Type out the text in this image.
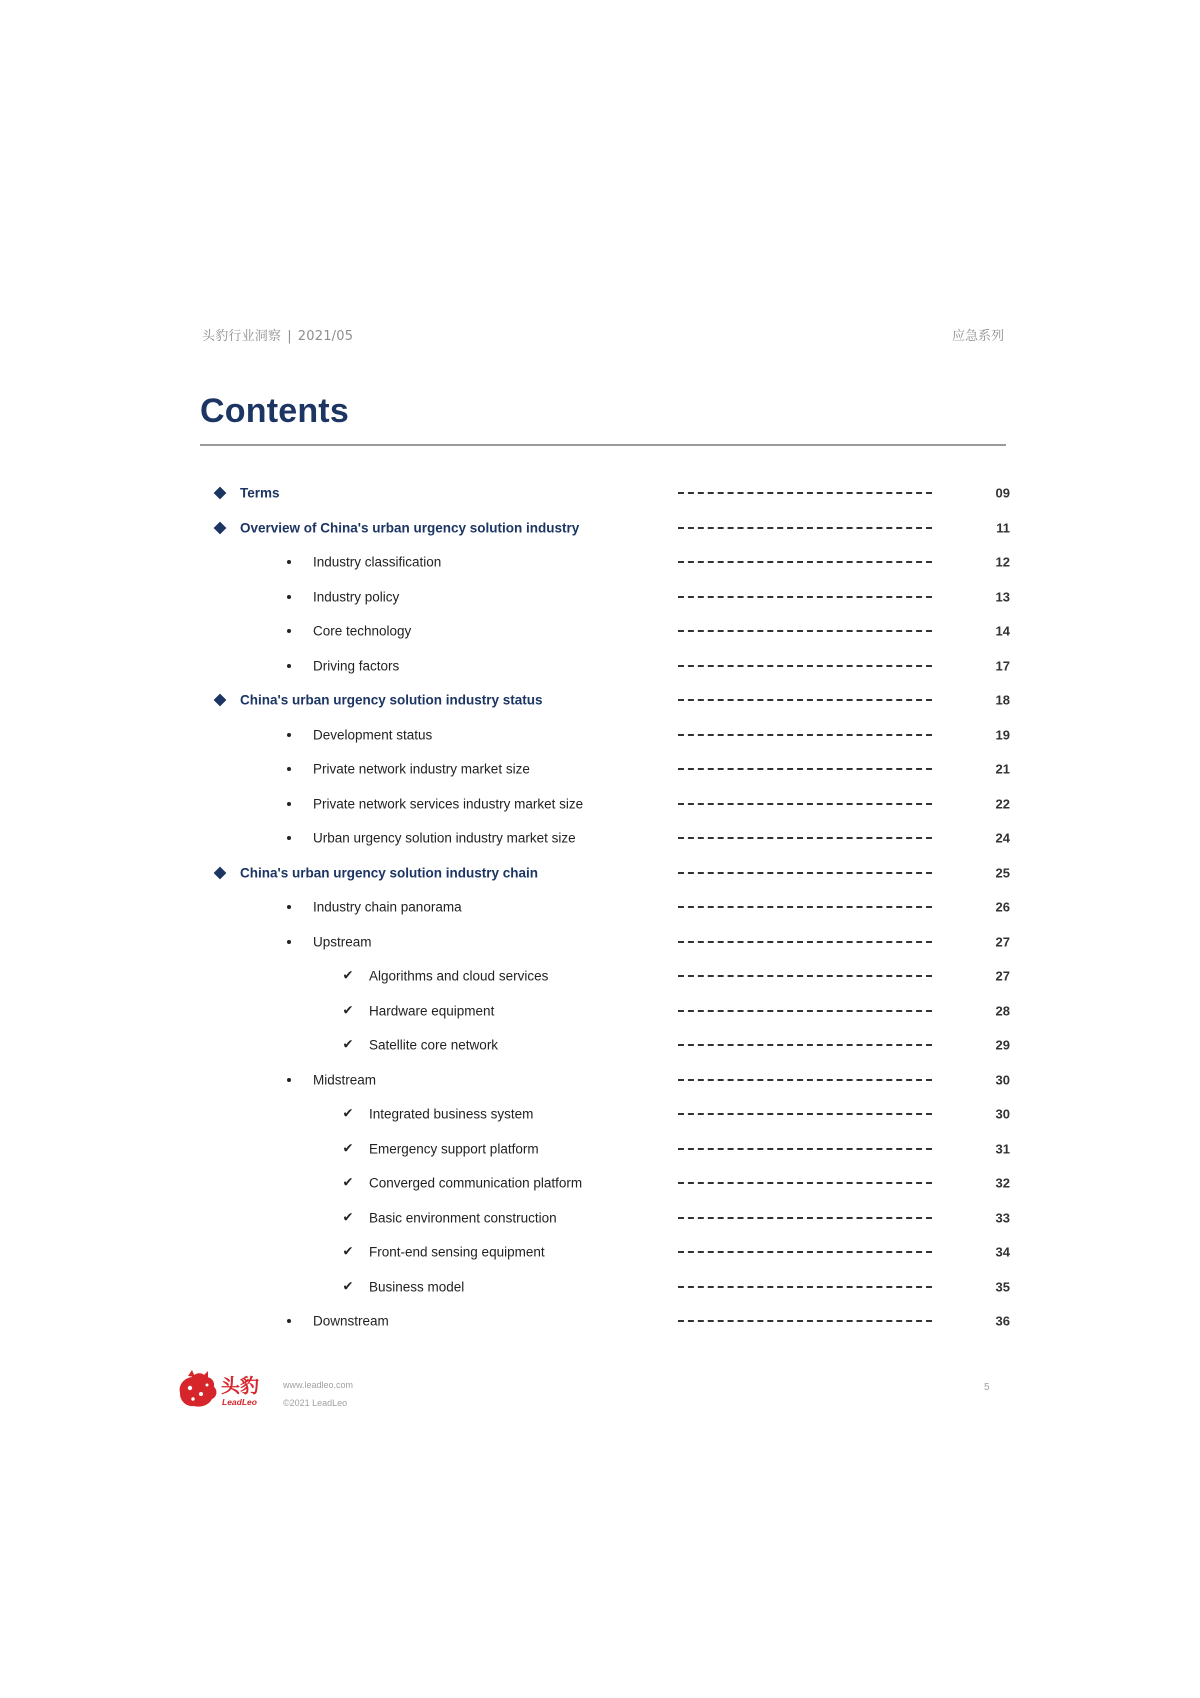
头豹行业洞察 | 2021/05	应急系列
Contents
Terms	09
Overview of China's urban urgency solution industry	11
Industry classification	12
Industry policy	13
Core technology	14
Driving factors	17
China's urban urgency solution industry status	18
Development status	19
Private network industry market size	21
Private network services industry market size	22
Urban urgency solution industry market size	24
China's urban urgency solution industry chain	25
Industry chain panorama	26
Upstream	27
✔ Algorithms and cloud services	27
✔ Hardware equipment	28
✔ Satellite core network	29
Midstream	30
✔ Integrated business system	30
✔ Emergency support platform	31
✔ Converged communication platform	32
✔ Basic environment construction	33
✔ Front-end sensing equipment	34
✔ Business model	35
Downstream	36
头豹
LeadLeo
www.leadleo.com
©2021 LeadLeo
5
